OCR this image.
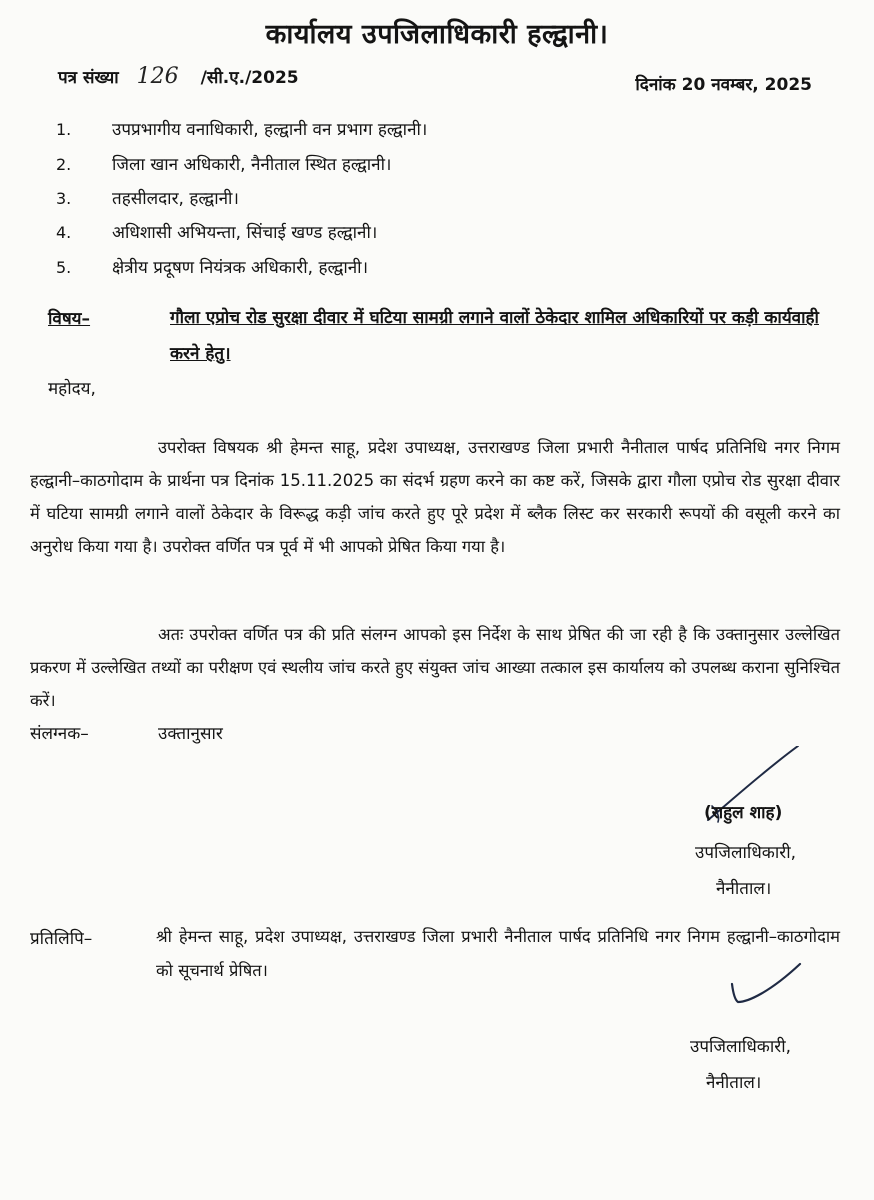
कार्यालय उपजिलाधिकारी हल्द्वानी।
पत्र संख्या 126 /सी.ए./2025	दिनांक 20 नवम्बर, 2025
1. उपप्रभागीय वनाधिकारी, हल्द्वानी वन प्रभाग हल्द्वानी।
2. जिला खान अधिकारी, नैनीताल स्थित हल्द्वानी।
3. तहसीलदार, हल्द्वानी।
4. अधिशासी अभियन्ता, सिंचाई खण्ड हल्द्वानी।
5. क्षेत्रीय प्रदूषण नियंत्रक अधिकारी, हल्द्वानी।
विषय–	गौला एप्रोच रोड सुरक्षा दीवार में घटिया सामग्री लगाने वालों ठेकेदार शामिल अधिकारियों पर कड़ी कार्यवाही करने हेतु।
महोदय,
उपरोक्त विषयक श्री हेमन्त साहू, प्रदेश उपाध्यक्ष, उत्तराखण्ड जिला प्रभारी नैनीताल पार्षद प्रतिनिधि नगर निगम हल्द्वानी–काठगोदाम के प्रार्थना पत्र दिनांक 15.11.2025 का संदर्भ ग्रहण करने का कष्ट करें, जिसके द्वारा गौला एप्रोच रोड सुरक्षा दीवार में घटिया सामग्री लगाने वालों ठेकेदार के विरूद्ध कड़ी जांच करते हुए पूरे प्रदेश में ब्लैक लिस्ट कर सरकारी रूपयों की वसूली करने का अनुरोध किया गया है। उपरोक्त वर्णित पत्र पूर्व में भी आपको प्रेषित किया गया है।
अतः उपरोक्त वर्णित पत्र की प्रति संलग्न आपको इस निर्देश के साथ प्रेषित की जा रही है कि उक्तानुसार उल्लेखित प्रकरण में उल्लेखित तथ्यों का परीक्षण एवं स्थलीय जांच करते हुए संयुक्त जांच आख्या तत्काल इस कार्यालय को उपलब्ध कराना सुनिश्चित करें।
संलग्नक–	उक्तानुसार
(राहुल शाह)
उपजिलाधिकारी,
नैनीताल।
प्रतिलिपि–	श्री हेमन्त साहू, प्रदेश उपाध्यक्ष, उत्तराखण्ड जिला प्रभारी नैनीताल पार्षद प्रतिनिधि नगर निगम हल्द्वानी–काठगोदाम को सूचनार्थ प्रेषित।
उपजिलाधिकारी,
नैनीताल।
